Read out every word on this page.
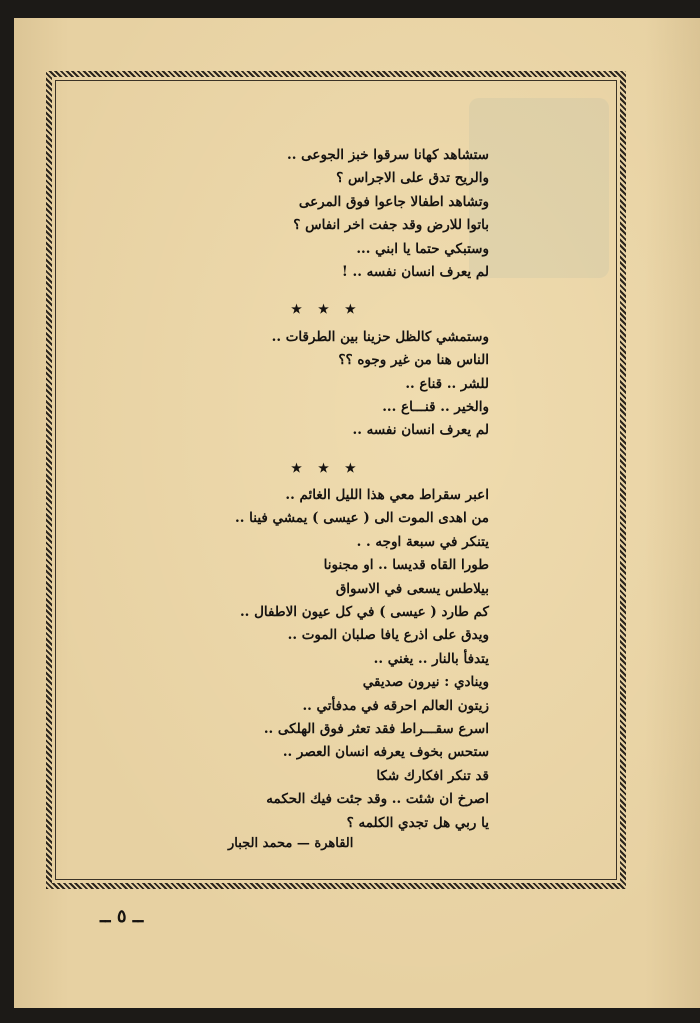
ستشاهد كهانا سرقوا خبز الجوعى ..
والريح تدق على الاجراس ؟
وتشاهد اطفالا جاعوا فوق المرعى
باتوا للارض وقد جفت اخر انفاس ؟
وستبكي حتما يا ابني ...
لم يعرف انسان نفسه .. !
★ ★ ★
وستمشي كالظل حزينا بين الطرقات ..
الناس هنا من غير وجوه ؟؟
للشر .. قناع ..
والخير .. قنـــاع ...
لم يعرف انسان نفسه ..
★ ★ ★
اعبر سقراط معي هذا الليل الغائم ..
من اهدى الموت الى ( عيسى ) يمشي فينا ..
يتنكر في سبعة اوجه . .
طورا القاه قديسا .. او مجنونا
بيلاطس يسعى في الاسواق
كم طارد ( عيسى ) في كل عيون الاطفال ..
ويدق على اذرع يافا صلبان الموت ..
يتدفأ بالنار .. يغني ..
وينادي : نيرون صديقي
زيتون العالم احرقه في مدفأتي ..
اسرع سقـــراط فقد تعثر فوق الهلكى ..
ستحس بخوف يعرفه انسان العصر ..
قد تنكر افكارك شكا
اصرخ ان شئت .. وقد جئت فيك الحكمه
يا ربي هل تجدي الكلمه ؟
القاهرة — محمد الجبار
ــ ٥ ــ
